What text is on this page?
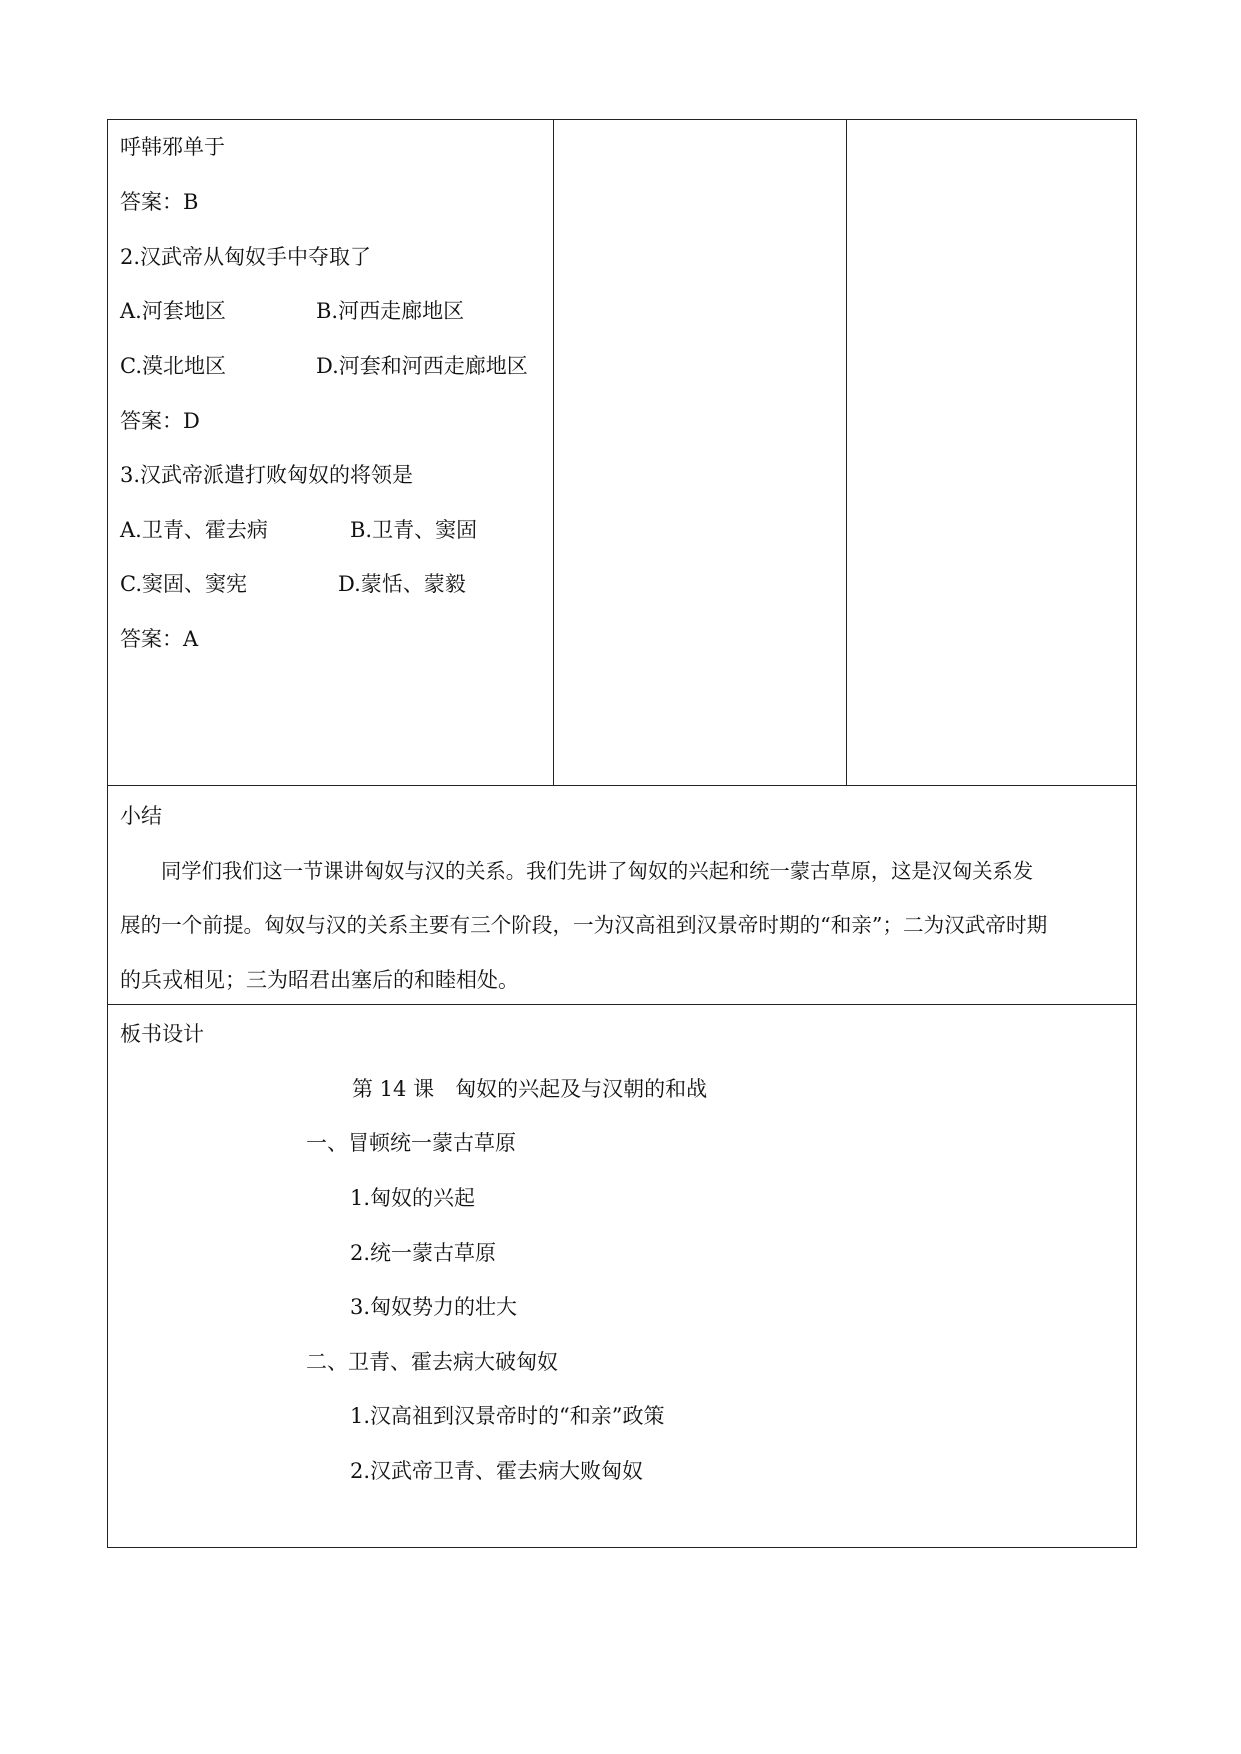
呼韩邪单于
答案：B
2.汉武帝从匈奴手中夺取了
A.河套地区	B.河西走廊地区
C.漠北地区	D.河套和河西走廊地区
答案：D
3.汉武帝派遣打败匈奴的将领是
A.卫青、霍去病	B.卫青、窦固
C.窦固、窦宪	D.蒙恬、蒙毅
答案：A
小结
同学们我们这一节课讲匈奴与汉的关系。我们先讲了匈奴的兴起和统一蒙古草原，这是汉匈关系发
展的一个前提。匈奴与汉的关系主要有三个阶段，一为汉高祖到汉景帝时期的“和亲”；二为汉武帝时期
的兵戎相见；三为昭君出塞后的和睦相处。
板书设计
第 14 课　匈奴的兴起及与汉朝的和战
一、冒顿统一蒙古草原
1.匈奴的兴起
2.统一蒙古草原
3.匈奴势力的壮大
二、卫青、霍去病大破匈奴
1.汉高祖到汉景帝时的“和亲”政策
2.汉武帝卫青、霍去病大败匈奴
